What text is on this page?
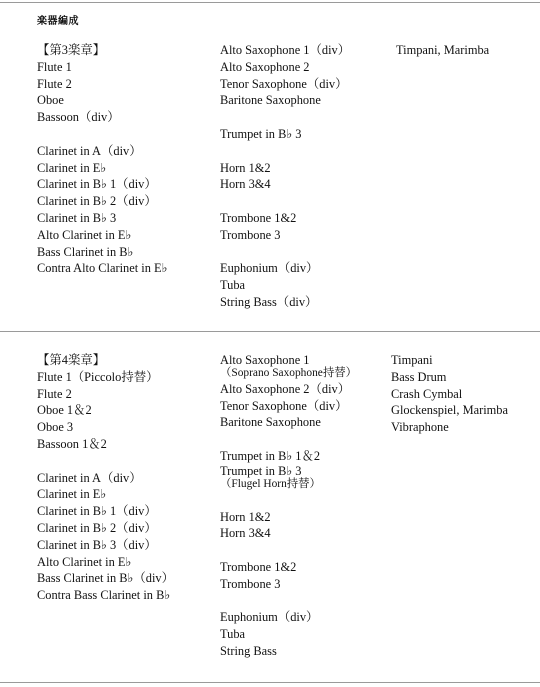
楽器編成
【第3楽章】
Flute 1
Flute 2
Oboe
Bassoon（div）
Clarinet in A（div）
Clarinet in E♭
Clarinet in B♭ 1（div）
Clarinet in B♭ 2（div）
Clarinet in B♭ 3
Alto Clarinet in E♭
Bass Clarinet in B♭
Contra Alto Clarinet in E♭
Alto Saxophone 1（div）
Alto Saxophone 2
Tenor Saxophone（div）
Baritone Saxophone
Trumpet in B♭ 3
Horn 1&2
Horn 3&4
Trombone 1&2
Trombone 3
Euphonium（div）
Tuba
String Bass（div）
Timpani, Marimba
【第4楽章】
Flute 1（Piccolo持替）
Flute 2
Oboe 1＆2
Oboe 3
Bassoon 1＆2
Clarinet in A（div）
Clarinet in E♭
Clarinet in B♭ 1（div）
Clarinet in B♭ 2（div）
Clarinet in B♭ 3（div）
Alto Clarinet in E♭
Bass Clarinet in B♭（div）
Contra Bass Clarinet in B♭
Alto Saxophone 1
（Soprano Saxophone持替）
Alto Saxophone 2（div）
Tenor Saxophone（div）
Baritone Saxophone
Trumpet in B♭ 1＆2
Trumpet in B♭ 3
（Flugel Horn持替）
Horn 1&2
Horn 3&4
Trombone 1&2
Trombone 3
Euphonium（div）
Tuba
String Bass
Timpani
Bass Drum
Crash Cymbal
Glockenspiel, Marimba
Vibraphone
